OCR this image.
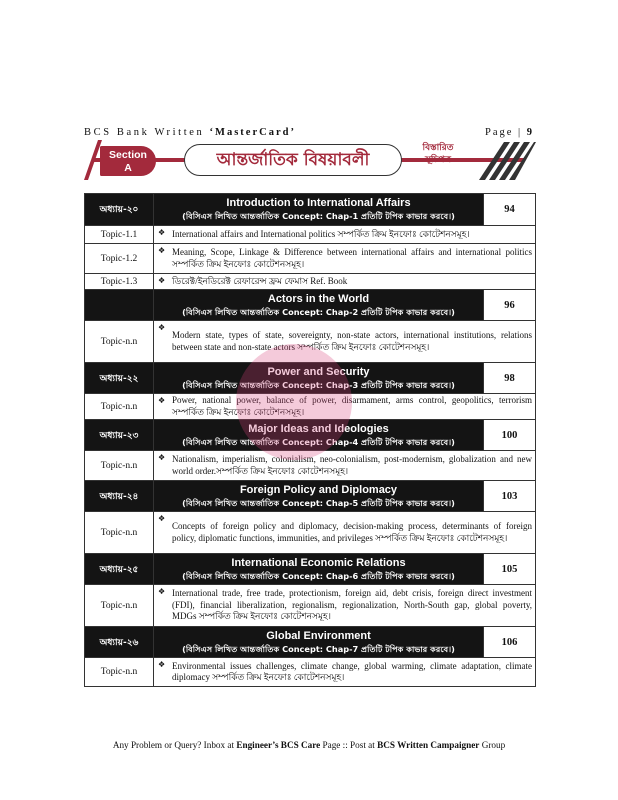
BCS Bank Written ‘MasterCard’	Page | 9
Section
A	আন্তর্জাতিক বিষয়াবলী
বিস্তারিত
সূচিপত্র
অধ্যায়-২০	Introduction to International Affairs
(বিসিএস লিখিত আন্তর্জাতিক Concept: Chap-1 প্রতিটি টপিক কাভার করবে।)	94
Topic-1.1	❖ International affairs and International politics সম্পর্কিত ক্রিম ইনফোঃ কোটেশনসমূহ।	
Topic-1.2	❖ Meaning, Scope, Linkage & Difference between international affairs and international politics সম্পর্কিত ক্রিম ইনফোঃ কোটেশনসমূহ।	
Topic-1.3	❖ ডিরেক্ট/ইনডিরেক্ট রেফারেন্স ফ্রম ফেমাস Ref. Book	

	Actors in the World
(বিসিএস লিখিত আন্তর্জাতিক Concept: Chap-2 প্রতিটি টপিক কাভার করবে।)	96
Topic-n.n	❖
Modern state, types of state, sovereignty, non-state actors, international institutions, relations between state and non-state actors সম্পর্কিত ক্রিম ইনফোঃ কোটেশনসমূহ।	
অধ্যায়-২২	Power and Security
(বিসিএস লিখিত আন্তর্জাতিক Concept: Chap-3 প্রতিটি টপিক কাভার করবে।)	98
Topic-n.n	❖ Power, national power, balance of power, disarmament, arms control, geopolitics, terrorism সম্পর্কিত ক্রিম ইনফোঃ কোটেশনসমূহ।	
অধ্যায়-২৩	Major Ideas and Ideologies
(বিসিএস লিখিত আন্তর্জাতিক Concept: Chap-4 প্রতিটি টপিক কাভার করবে।)	100
Topic-n.n	❖ Nationalism, imperialism, colonialism, neo-colonialism, post-modernism, globalization and new world order.সম্পর্কিত ক্রিম ইনফোঃ কোটেশনসমূহ।	
অধ্যায়-২৪	Foreign Policy and Diplomacy
(বিসিএস লিখিত আন্তর্জাতিক Concept: Chap-5 প্রতিটি টপিক কাভার করবে।)	103
Topic-n.n	❖
Concepts of foreign policy and diplomacy, decision-making process, determinants of foreign policy, diplomatic functions, immunities, and privileges সম্পর্কিত ক্রিম ইনফোঃ কোটেশনসমূহ।	
অধ্যায়-২৫	International Economic Relations
(বিসিএস লিখিত আন্তর্জাতিক Concept: Chap-6 প্রতিটি টপিক কাভার করবে।)	105
Topic-n.n	❖ International trade, free trade, protectionism, foreign aid, debt crisis, foreign direct investment (FDI), financial liberalization, regionalism, regionalization, North-South gap, global poverty, MDGs সম্পর্কিত ক্রিম ইনফোঃ কোটেশনসমূহ।	
অধ্যায়-২৬	Global Environment
(বিসিএস লিখিত আন্তর্জাতিক Concept: Chap-7 প্রতিটি টপিক কাভার করবে।)	106
Topic-n.n	❖ Environmental issues challenges, climate change, global warming, climate adaptation, climate diplomacy সম্পর্কিত ক্রিম ইনফোঃ কোটেশনসমূহ।	
Any Problem or Query? Inbox at Engineer’s BCS Care Page :: Post at BCS Written Campaigner Group
